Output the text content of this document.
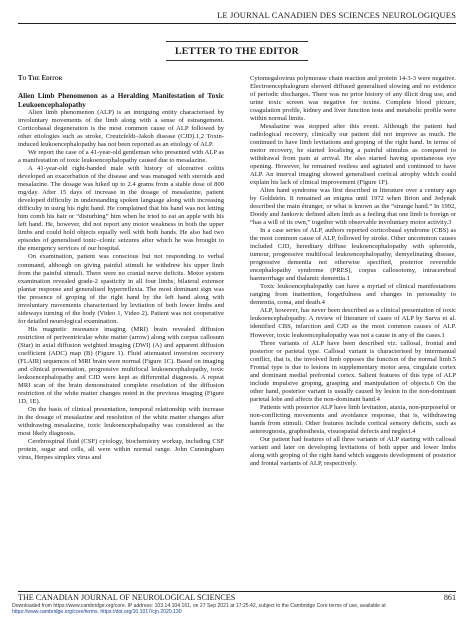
LE JOURNAL CANADIEN DES SCIENCES NEUROLOGIQUES
LETTER TO THE EDITOR

To The Editor

Alien Limb Phenomenon as a Heralding Manifestation of Toxic Leukoencephalopathy

Alien limb phenomenon (ALP) is an intriguing entity characterised by involuntary movements of the limb along with a sense of estrangement. Corticobasal degeneration is the most common cause of ALP followed by other etiologies such as stroke, Creutzfeldt–Jakob disease (CJD).1,2 Toxin-induced leukoencephalopathy has not been reported as an etiology of ALP.

We report the case of a 41-year-old gentleman who presented with ALP as a manifestation of toxic leukoencephalopathy caused due to mesalazine.

A 41-year-old right-handed male with history of ulcerative colitis developed an exacerbation of the disease and was managed with steroids and mesalazine. The dosage was hiked up to 2.4 grams from a stable dose of 800 mg/day. After 15 days of increase in the dosage of mesalazine, patient developed difficulty in understanding spoken language along with increasing difficulty in using his right hand. He complained that his hand was not letting him comb his hair or “disturbing” him when he tried to eat an apple with his left hand. He, however, did not report any motor weakness in both the upper limbs and could hold objects equally well with both hands. He also had two episodes of generalised tonic–clonic seizures after which he was brought to the emergency services of our hospital.

On examination, patient was conscious but not responding to verbal command, although on giving painful stimuli he withdrew his upper limb from the painful stimuli. There were no cranial nerve deficits. Motor system examination revealed grade-2 spasticity in all four limbs, bilateral extensor plantar response and generalised hyperreflexia. The most dominant sign was the presence of groping of the right hand by the left hand along with involuntary movements characterised by levitation of both lower limbs and sideways turning of the body (Video 1, Video 2). Patient was not cooperative for detailed neurological examination.

His magnetic resonance imaging (MRI) brain revealed diffusion restriction of periventricular white matter (arrow) along with corpus callosum (Star) in axial diffusion weighted imaging (DWI) (A) and apparent diffusion coefficient (ADC) map (B) (Figure 1). Fluid attenuated inversion recovery (FLAIR) sequences of MRI brain were normal (Figure 1C). Based on imaging and clinical presentation, progressive multifocal leukoencephalopathy, toxic leukoencephalopathy and CJD were kept as differential diagnosis. A repeat MRI scan of the brain demonstrated complete resolution of the diffusion restriction of the white matter changes noted in the previous imaging (Figure 1D, 1E).

On the basis of clinical presentation, temporal relationship with increase in the dosage of mesalazine and resolution of the white matter changes after withdrawing mesalazine, toxic leukoencephalopathy was considered as the most likely diagnosis.

Cerebrospinal fluid (CSF) cytology, biochemistry workup, including CSF protein, sugar and cells, all were within normal range. John Cunningham virus, Herpes simplex virus and

Cytomegalovirus polymerase chain reaction and protein 14-3-3 were negative. Electroencephalogram showed diffused generalised slowing and no evidence of periodic discharges. There was no prior history of any illicit drug use, and urine toxic screen was negative for toxins. Complete blood picture, coagulation profile, kidney and liver function tests and metabolic profile were within normal limits.

Mesalazine was stopped after this event. Although the patient had radiological recovery, clinically our patient did not improve as much. He continued to have limb levitations and groping of the right hand. In terms of motor recovery, he started localising a painful stimulus as compared to withdrawal from pain at arrival. He also started having spontaneous eye opening. However, he remained restless and agitated and continued to have ALP. An interval imaging showed generalised cortical atrophy which could explain his lack of clinical improvement (Figure 1F).

Alien hand syndrome was first described in literature over a century ago by Goldstein. It remained an enigma until 1972 when Brion and Jedynak described the main étranger, or what is known as the “strange hand.” In 1992, Doody and Jankovic defined alien limb as a feeling that one limb is foreign or “has a will of its own,” together with observable involuntary motor activity.3

In a case series of ALP, authors reported corticobasal syndrome (CBS) as the most common cause of ALP, followed by stroke. Other uncommon causes included CJD, hereditary diffuse leukoencephalopathy with spheroids, tumour, progressive multifocal leukoencephalopathy, demyelinating disease, progressive dementia not otherwise specified, posterior reversible encephalopathy syndrome (PRES), corpus callosotomy, intracerebral haemorrhage and thalamic dementia.1

Toxic leukoencephalopathy can have a myriad of clinical manifestations ranging from inattention, forgetfulness and changes in personality to dementia, coma, and death.4

ALP, however, has never been described as a clinical presentation of toxic leukoencephalopathy. A review of literature of cases of ALP by Sarva et al. identified CBS, infarction and CJD as the most common causes of ALP. However, toxic leukoencephalopathy was not a cause in any of the cases.1

Three variants of ALP have been described viz. callosal, frontal and posterior or parietal type. Callosal variant is characterised by intermanual conflict, that is, the involved limb opposes the function of the normal limb.5 Frontal type is due to lesions in supplementary motor area, cingulate cortex and dominant medial prefrontal cortex. Salient features of this type of ALP include impulsive groping, grasping and manipulation of objects.6 On the other hand, posterior variant is usually caused by lesion in the non-dominant parietal lobe and affects the non-dominant hand.4

Patients with posterior ALP have limb levitation, ataxia, non-purposeful or non-conflicting movements and avoidance response, that is, withdrawing hands from stimuli. Other features include cortical sensory deficits, such as astereognosis, graphesthesia, visuospatial defects and neglect.4

Our patient had features of all three variants of ALP starting with callosal variant and later on developing levitations of both upper and lower limbs along with groping of the right hand which suggests development of posterior and frontal variants of ALP, respectively.

THE CANADIAN JOURNAL OF NEUROLOGICAL SCIENCES	861
Downloaded from https://www.cambridge.org/core. IP address: 103.14.104.161, on 27 Sep 2021 at 17:25:42, subject to the Cambridge Core terms of use, available at
https://www.cambridge.org/core/terms. https://doi.org/10.1017/cjn.2020.130
